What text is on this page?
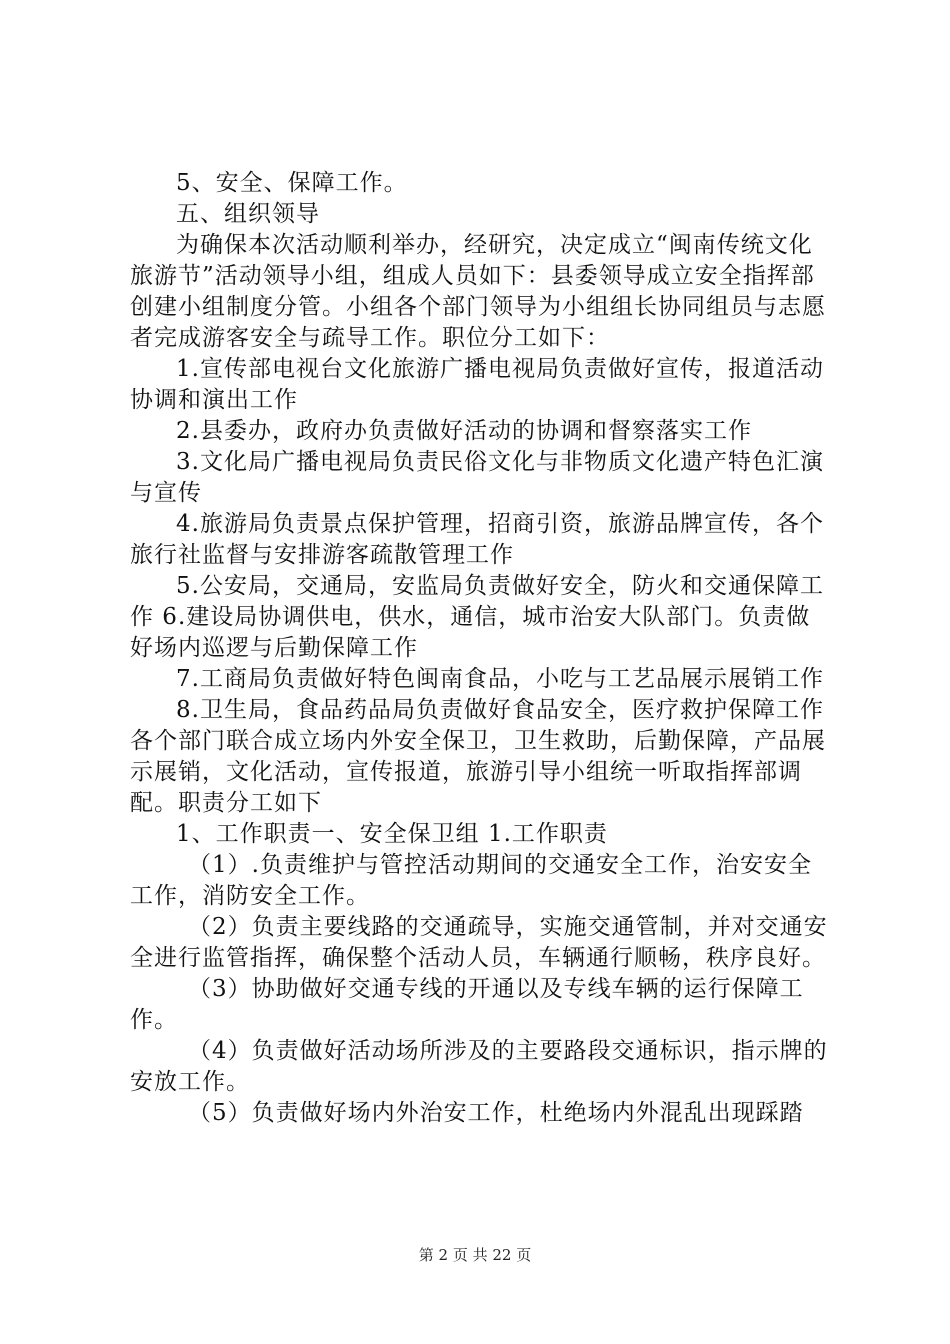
5、安全、保障工作。

五、组织领导

为确保本次活动顺利举办，经研究，决定成立“闽南传统文化旅游节”活动领导小组，组成人员如下：县委领导成立安全指挥部创建小组制度分管。小组各个部门领导为小组组长协同组员与志愿者完成游客安全与疏导工作。职位分工如下：

1.宣传部电视台文化旅游广播电视局负责做好宣传，报道活动协调和演出工作

2.县委办，政府办负责做好活动的协调和督察落实工作

3.文化局广播电视局负责民俗文化与非物质文化遗产特色汇演与宣传

4.旅游局负责景点保护管理，招商引资，旅游品牌宣传，各个旅行社监督与安排游客疏散管理工作

5.公安局，交通局，安监局负责做好安全，防火和交通保障工作 6.建设局协调供电，供水，通信，城市治安大队部门。负责做好场内巡逻与后勤保障工作

7.工商局负责做好特色闽南食品，小吃与工艺品展示展销工作

8.卫生局，食品药品局负责做好食品安全，医疗救护保障工作各个部门联合成立场内外安全保卫，卫生救助，后勤保障，产品展示展销，文化活动，宣传报道，旅游引导小组统一听取指挥部调配。职责分工如下

1、工作职责一、安全保卫组 1.工作职责

（1）.负责维护与管控活动期间的交通安全工作，治安安全工作，消防安全工作。

（2）负责主要线路的交通疏导，实施交通管制，并对交通安全进行监管指挥，确保整个活动人员，车辆通行顺畅，秩序良好。

（3）协助做好交通专线的开通以及专线车辆的运行保障工作。

（4）负责做好活动场所涉及的主要路段交通标识，指示牌的安放工作。

（5）负责做好场内外治安工作，杜绝场内外混乱出现踩踏

第 2 页 共 22 页
